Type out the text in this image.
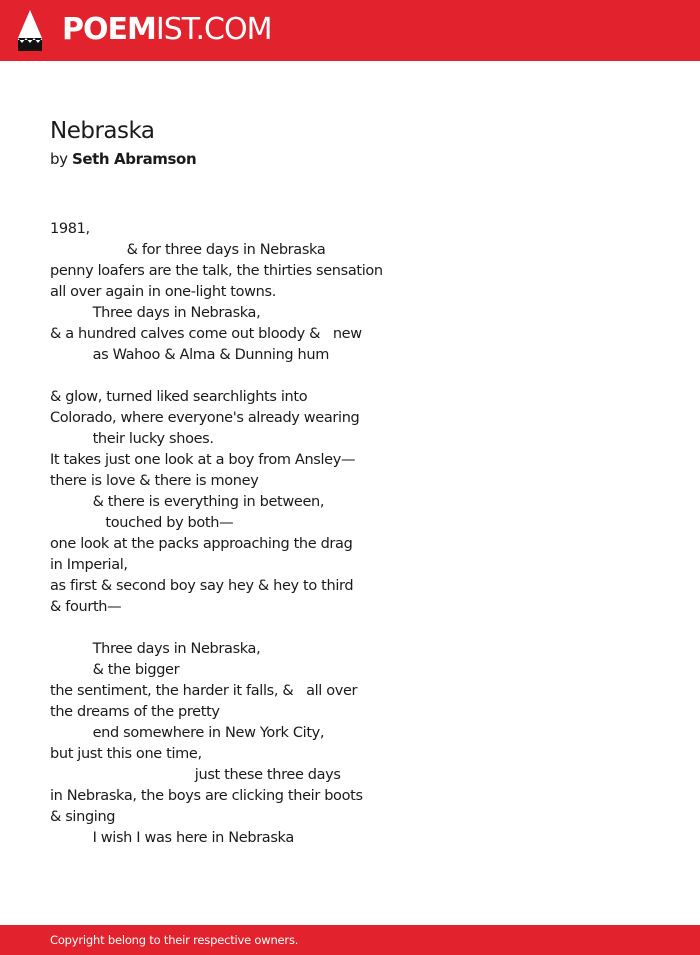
POEMIST.COM
Nebraska
by Seth Abramson
1981,
& for three days in Nebraska
penny loafers are the talk, the thirties sensation
all over again in one-light towns.
Three days in Nebraska,
& a hundred calves come out bloody &   new
as Wahoo & Alma & Dunning hum
& glow, turned liked searchlights into
Colorado, where everyone's already wearing
their lucky shoes.
It takes just one look at a boy from Ansley—
there is love & there is money
& there is everything in between,
touched by both—
one look at the packs approaching the drag
in Imperial,
as first & second boy say hey & hey to third
& fourth—
Three days in Nebraska,
& the bigger
the sentiment, the harder it falls, &   all over
the dreams of the pretty
end somewhere in New York City,
but just this one time,
just these three days
in Nebraska, the boys are clicking their boots
& singing
I wish I was here in Nebraska
Copyright belong to their respective owners.
